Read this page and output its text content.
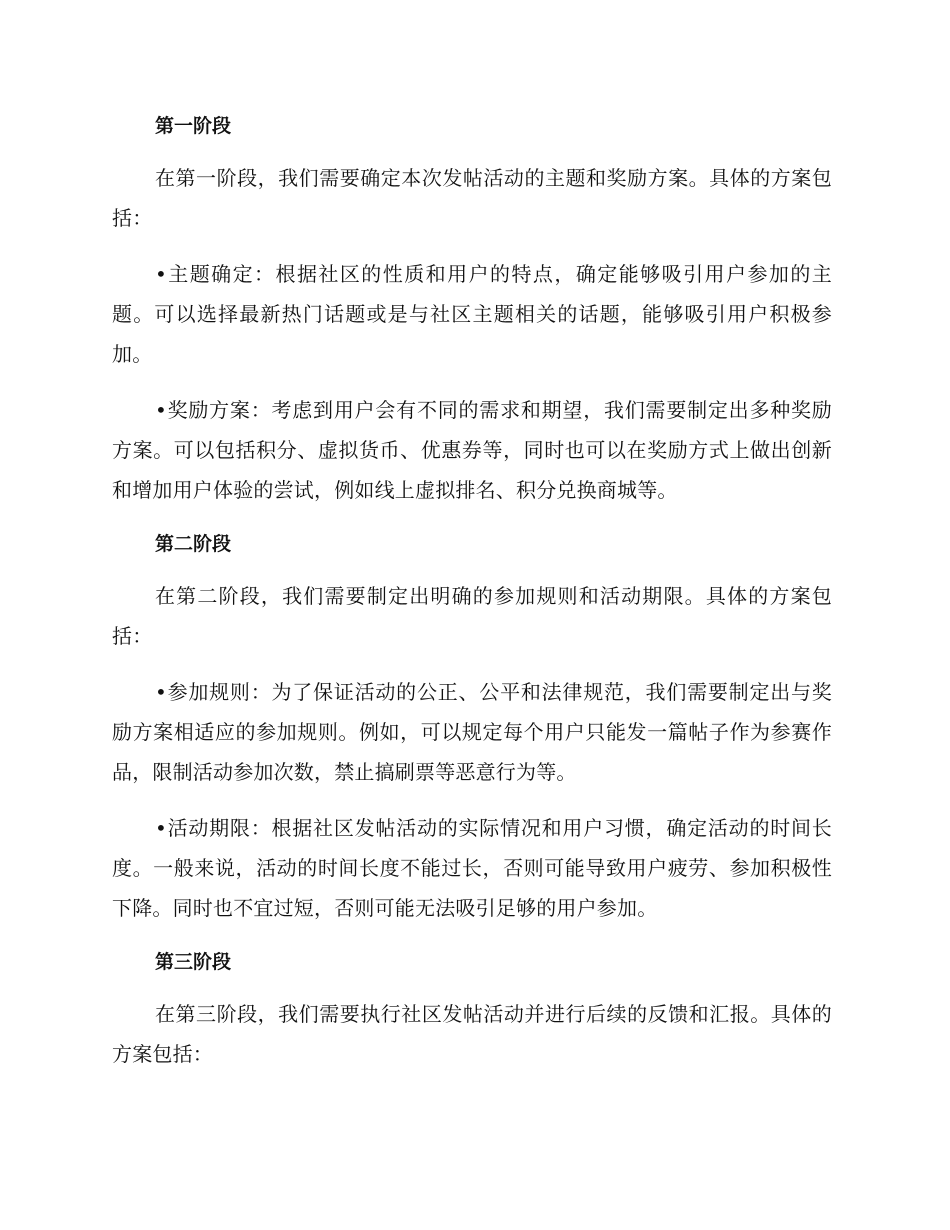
第一阶段

在第一阶段，我们需要确定本次发帖活动的主题和奖励方案。具体的方案包括：

•主题确定：根据社区的性质和用户的特点，确定能够吸引用户参加的主题。可以选择最新热门话题或是与社区主题相关的话题，能够吸引用户积极参加。

•奖励方案：考虑到用户会有不同的需求和期望，我们需要制定出多种奖励方案。可以包括积分、虚拟货币、优惠券等，同时也可以在奖励方式上做出创新和增加用户体验的尝试，例如线上虚拟排名、积分兑换商城等。

第二阶段

在第二阶段，我们需要制定出明确的参加规则和活动期限。具体的方案包括：

•参加规则：为了保证活动的公正、公平和法律规范，我们需要制定出与奖励方案相适应的参加规则。例如，可以规定每个用户只能发一篇帖子作为参赛作品，限制活动参加次数，禁止搞刷票等恶意行为等。

•活动期限：根据社区发帖活动的实际情况和用户习惯，确定活动的时间长度。一般来说，活动的时间长度不能过长，否则可能导致用户疲劳、参加积极性下降。同时也不宜过短，否则可能无法吸引足够的用户参加。

第三阶段

在第三阶段，我们需要执行社区发帖活动并进行后续的反馈和汇报。具体的方案包括：
